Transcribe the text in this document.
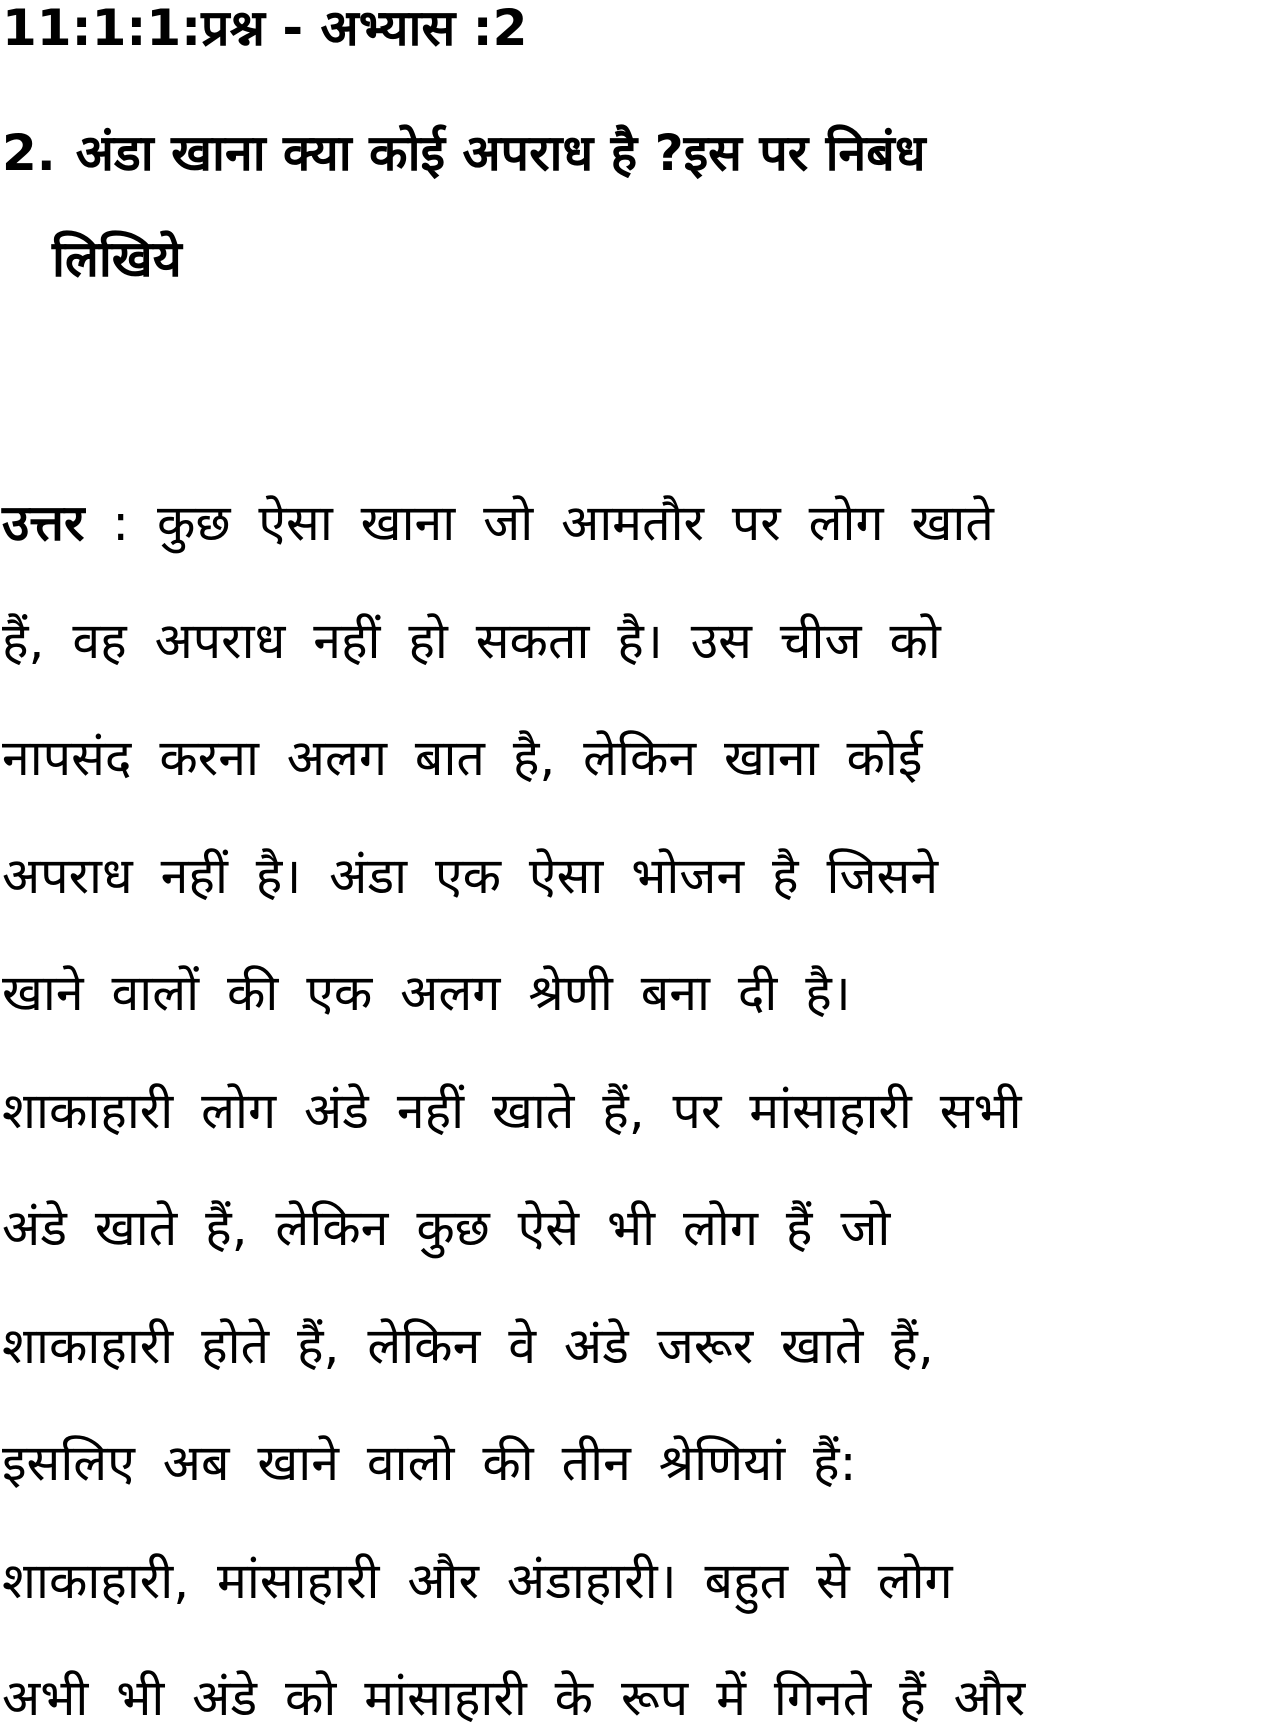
11:1:1:प्रश्न - अभ्यास :2
2. अंडा खाना क्या कोई अपराध है ?इस पर निबंध
लिखिये
उत्तर : कुछ ऐसा खाना जो आमतौर पर लोग खाते
हैं, वह अपराध नहीं हो सकता है। उस चीज को
नापसंद करना अलग बात है, लेकिन खाना कोई
अपराध नहीं है। अंडा एक ऐसा भोजन है जिसने
खाने वालों की एक अलग श्रेणी बना दी है।
शाकाहारी लोग अंडे नहीं खाते हैं, पर मांसाहारी सभी
अंडे खाते हैं, लेकिन कुछ ऐसे भी लोग हैं जो
शाकाहारी होते हैं, लेकिन वे अंडे जरूर खाते हैं,
इसलिए अब खाने वालो की तीन श्रेणियां हैं:
शाकाहारी, मांसाहारी और अंडाहारी। बहुत से लोग
अभी भी अंडे को मांसाहारी के रूप में गिनते हैं और
